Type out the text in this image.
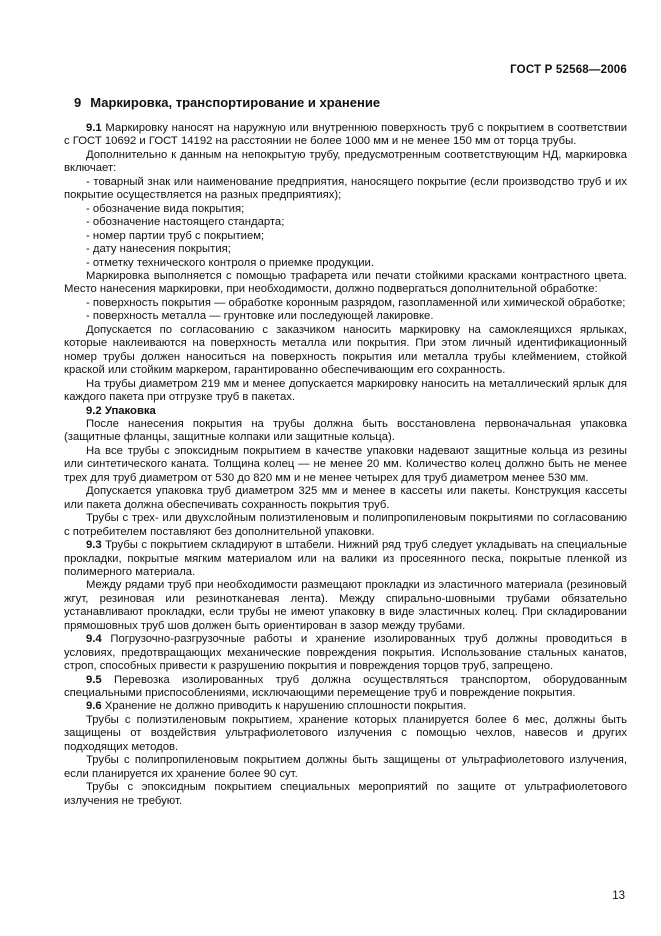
ГОСТ Р 52568—2006
9 Маркировка, транспортирование и хранение

9.1 Маркировку наносят на наружную или внутреннюю поверхность труб с покрытием в соответствии с ГОСТ 10692 и ГОСТ 14192 на расстоянии не более 1000 мм и не менее 150 мм от торца трубы.

Дополнительно к данным на непокрытую трубу, предусмотренным соответствующим НД, маркировка включает:

- товарный знак или наименование предприятия, наносящего покрытие (если производство труб и их покрытие осуществляется на разных предприятиях);

- обозначение вида покрытия;

- обозначение настоящего стандарта;

- номер партии труб с покрытием;

- дату нанесения покрытия;

- отметку технического контроля о приемке продукции.

Маркировка выполняется с помощью трафарета или печати стойкими красками контрастного цвета. Место нанесения маркировки, при необходимости, должно подвергаться дополнительной обработке:

- поверхность покрытия — обработке коронным разрядом, газопламенной или химической обработке;

- поверхность металла — грунтовке или последующей лакировке.

Допускается по согласованию с заказчиком наносить маркировку на самоклеящихся ярлыках, которые наклеиваются на поверхность металла или покрытия. При этом личный идентификационный номер трубы должен наноситься на поверхность покрытия или металла трубы клеймением, стойкой краской или стойким маркером, гарантированно обеспечивающим его сохранность.

На трубы диаметром 219 мм и менее допускается маркировку наносить на металлический ярлык для каждого пакета при отгрузке труб в пакетах.

9.2 Упаковка

После нанесения покрытия на трубы должна быть восстановлена первоначальная упаковка (защитные фланцы, защитные колпаки или защитные кольца).

На все трубы с эпоксидным покрытием в качестве упаковки надевают защитные кольца из резины или синтетического каната. Толщина колец — не менее 20 мм. Количество колец должно быть не менее трех для труб диаметром от 530 до 820 мм и не менее четырех для труб диаметром менее 530 мм.

Допускается упаковка труб диаметром 325 мм и менее в кассеты или пакеты. Конструкция кассеты или пакета должна обеспечивать сохранность покрытия труб.

Трубы с трех- или двухслойным полиэтиленовым и полипропиленовым покрытиями по согласованию с потребителем поставляют без дополнительной упаковки.

9.3 Трубы с покрытием складируют в штабели. Нижний ряд труб следует укладывать на специальные прокладки, покрытые мягким материалом или на валики из просеянного песка, покрытые пленкой из полимерного материала.

Между рядами труб при необходимости размещают прокладки из эластичного материала (резиновый жгут, резиновая или резинотканевая лента). Между спирально-шовными трубами обязательно устанавливают прокладки, если трубы не имеют упаковку в виде эластичных колец. При складировании прямошовных труб шов должен быть ориентирован в зазор между трубами.

9.4 Погрузочно-разгрузочные работы и хранение изолированных труб должны проводиться в условиях, предотвращающих механические повреждения покрытия. Использование стальных канатов, строп, способных привести к разрушению покрытия и повреждения торцов труб, запрещено.

9.5 Перевозка изолированных труб должна осуществляться транспортом, оборудованным специальными приспособлениями, исключающими перемещение труб и повреждение покрытия.

9.6 Хранение не должно приводить к нарушению сплошности покрытия.

Трубы с полиэтиленовым покрытием, хранение которых планируется более 6 мес, должны быть защищены от воздействия ультрафиолетового излучения с помощью чехлов, навесов и других подходящих методов.

Трубы с полипропиленовым покрытием должны быть защищены от ультрафиолетового излучения, если планируется их хранение более 90 сут.

Трубы с эпоксидным покрытием специальных мероприятий по защите от ультрафиолетового излучения не требуют.

13
